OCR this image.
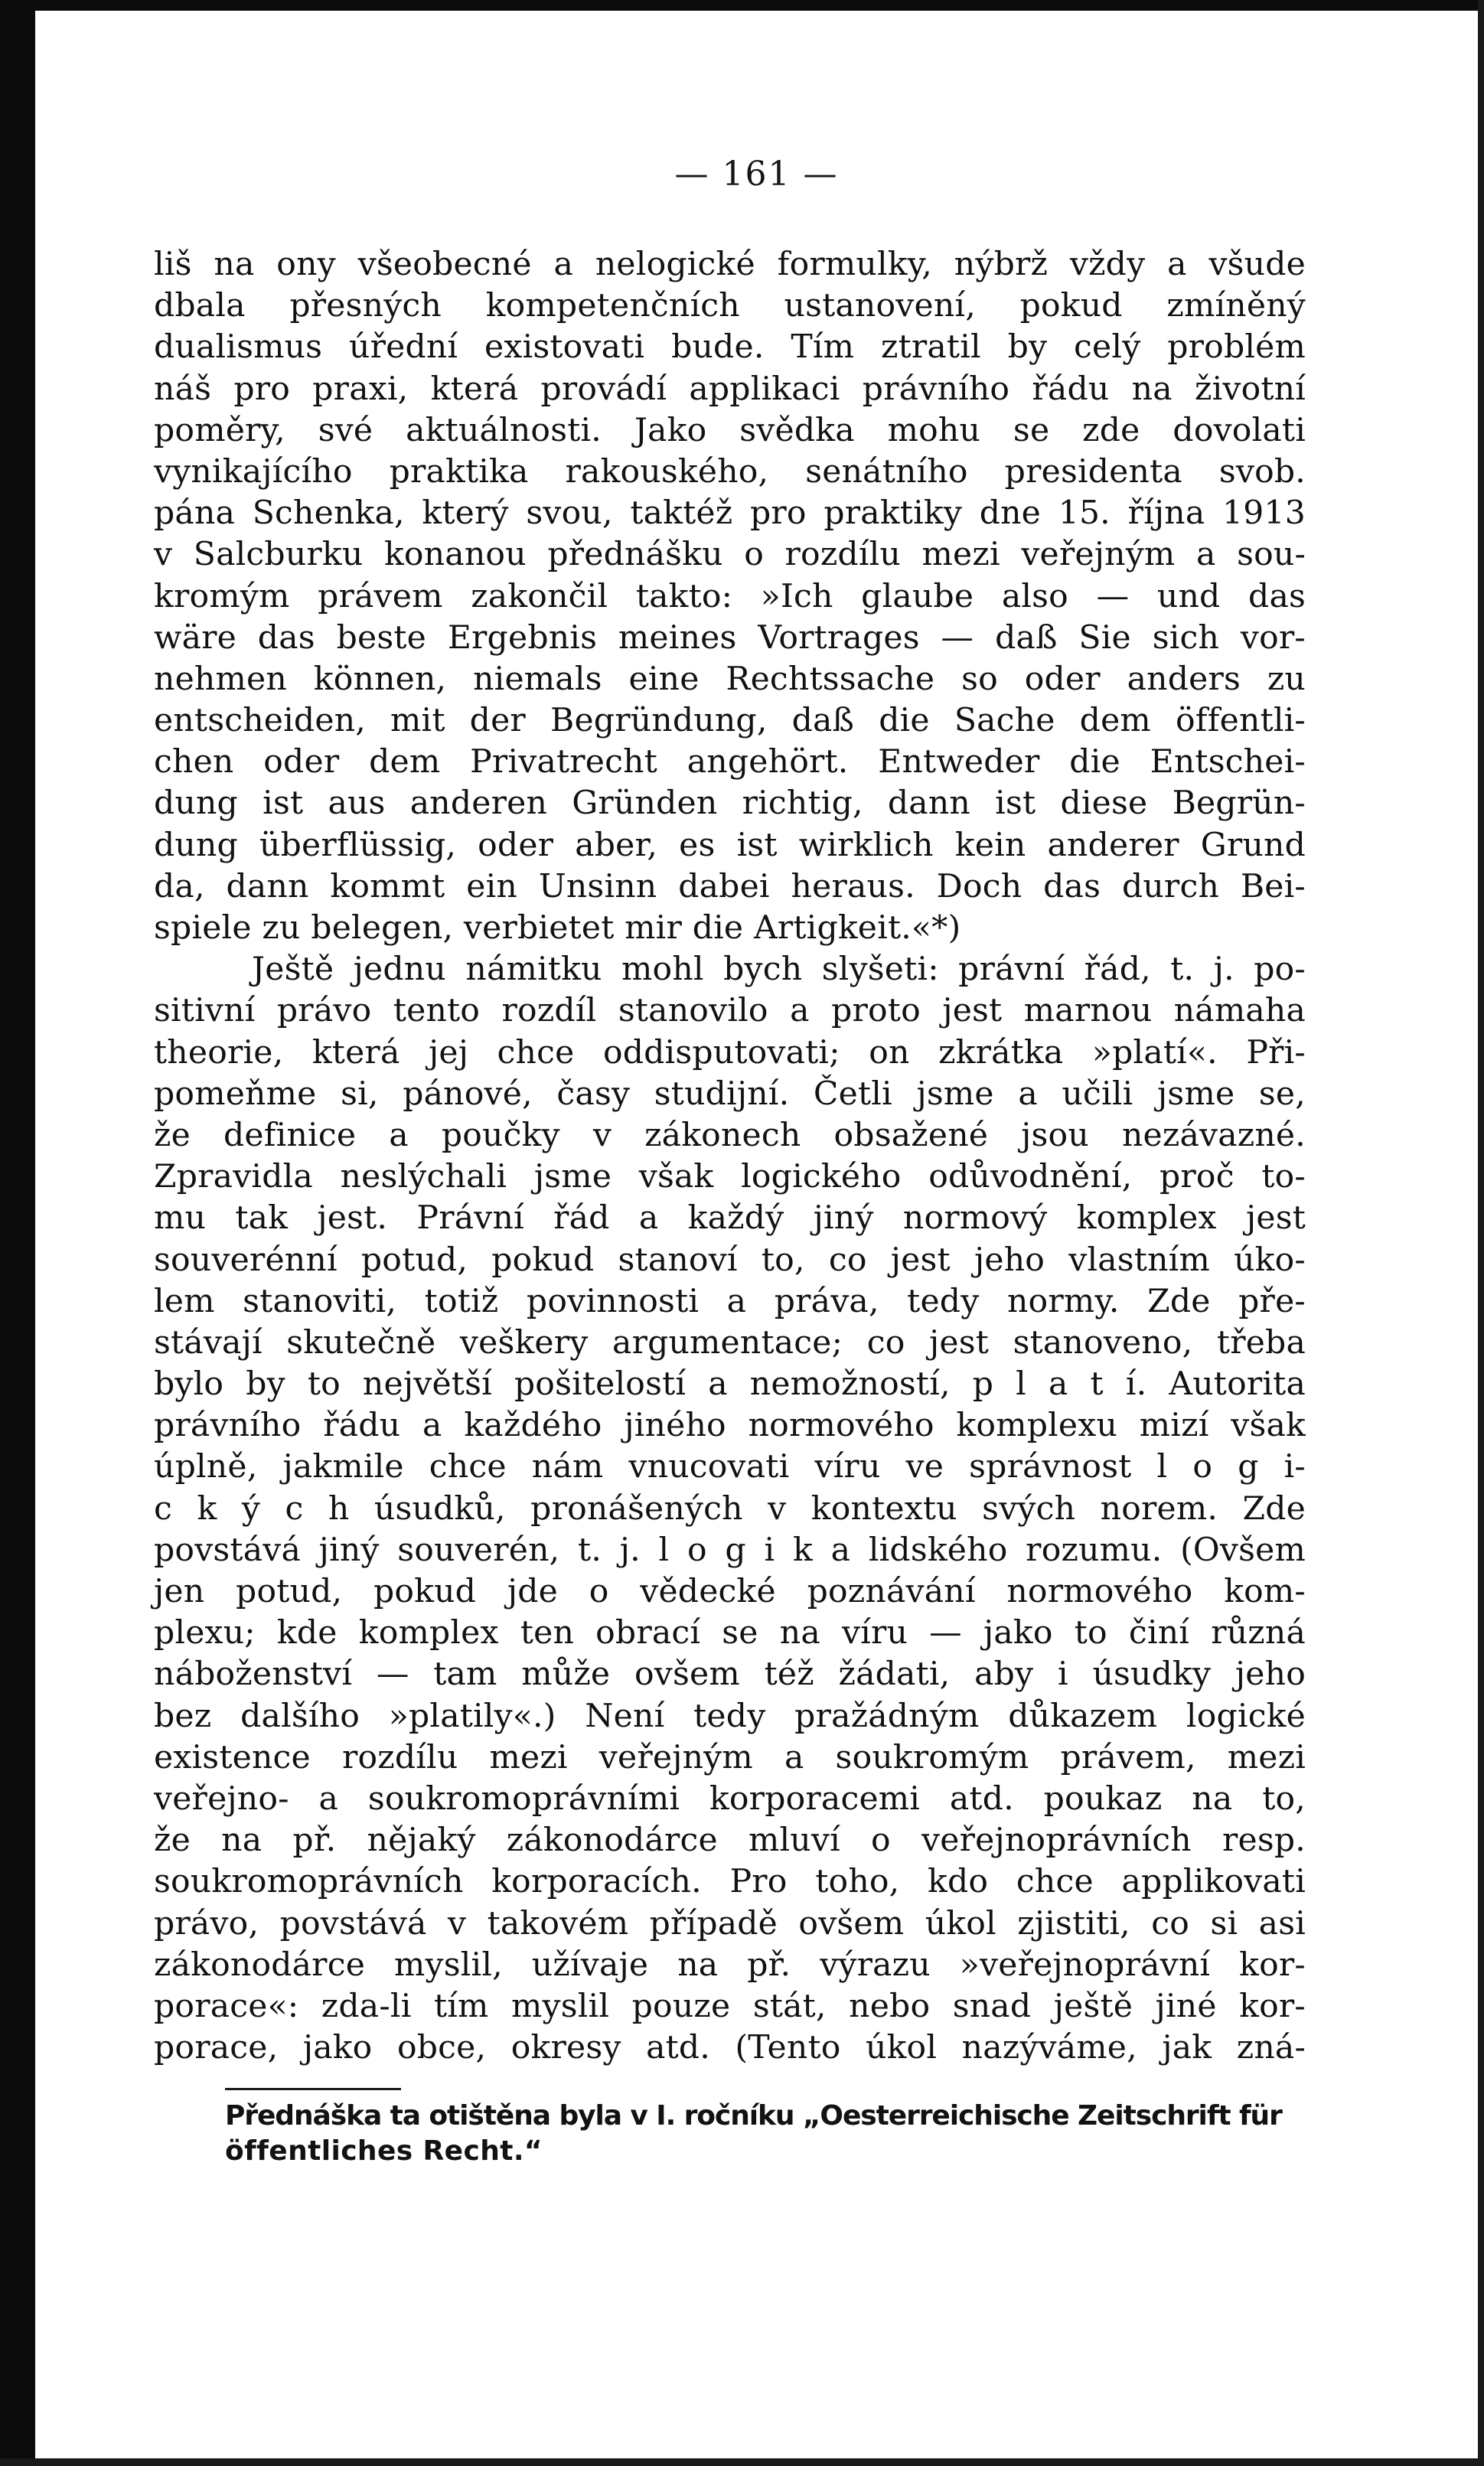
— 161 —
liš na ony všeobecné a nelogické formulky, nýbrž vždy a všude
dbala přesných kompetenčních ustanovení, pokud zmíněný
dualismus úřední existovati bude. Tím ztratil by celý problém
náš pro praxi, která provádí applikaci právního řádu na životní
poměry, své aktuálnosti. Jako svědka mohu se zde dovolati
vynikajícího praktika rakouského, senátního presidenta svob.
pána Schenka, který svou, taktéž pro praktiky dne 15. října 1913
v Salcburku konanou přednášku o rozdílu mezi veřejným a sou-
kromým právem zakončil takto: »Ich glaube also — und das
wäre das beste Ergebnis meines Vortrages — daß Sie sich vor-
nehmen können, niemals eine Rechtssache so oder anders zu
entscheiden, mit der Begründung, daß die Sache dem öffentli-
chen oder dem Privatrecht angehört. Entweder die Entschei-
dung ist aus anderen Gründen richtig, dann ist diese Begrün-
dung überflüssig, oder aber, es ist wirklich kein anderer Grund
da, dann kommt ein Unsinn dabei heraus. Doch das durch Bei-
spiele zu belegen, verbietet mir die Artigkeit.«*)
Ještě jednu námitku mohl bych slyšeti: právní řád, t. j. po-
sitivní právo tento rozdíl stanovilo a proto jest marnou námaha
theorie, která jej chce oddisputovati; on zkrátka »platí«. Při-
pomeňme si, pánové, časy studijní. Četli jsme a učili jsme se,
že definice a poučky v zákonech obsažené jsou nezávazné.
Zpravidla neslýchali jsme však logického odůvodnění, proč to-
mu tak jest. Právní řád a každý jiný normový komplex jest
souverénní potud, pokud stanoví to, co jest jeho vlastním úko-
lem stanoviti, totiž povinnosti a práva, tedy normy. Zde pře-
stávají skutečně veškery argumentace; co jest stanoveno, třeba
bylo by to největší pošitelostí a nemožností, p l a t í. Autorita
právního řádu a každého jiného normového komplexu mizí však
úplně, jakmile chce nám vnucovati víru ve správnost l o g i-
c k ý c h úsudků, pronášených v kontextu svých norem. Zde
povstává jiný souverén, t. j. l o g i k a lidského rozumu. (Ovšem
jen potud, pokud jde o vědecké poznávání normového kom-
plexu; kde komplex ten obrací se na víru — jako to činí různá
náboženství — tam může ovšem též žádati, aby i úsudky jeho
bez dalšího »platily«.) Není tedy pražádným důkazem logické
existence rozdílu mezi veřejným a soukromým právem, mezi
veřejno- a soukromoprávními korporacemi atd. poukaz na to,
že na př. nějaký zákonodárce mluví o veřejnoprávních resp.
soukromoprávních korporacích. Pro toho, kdo chce applikovati
právo, povstává v takovém případě ovšem úkol zjistiti, co si asi
zákonodárce myslil, užívaje na př. výrazu »veřejnoprávní kor-
porace«: zda-li tím myslil pouze stát, nebo snad ještě jiné kor-
porace, jako obce, okresy atd. (Tento úkol nazýváme, jak zná-
Přednáška ta otištěna byla v I. ročníku „Oesterreichische Zeitschrift für
öffentliches Recht.“
